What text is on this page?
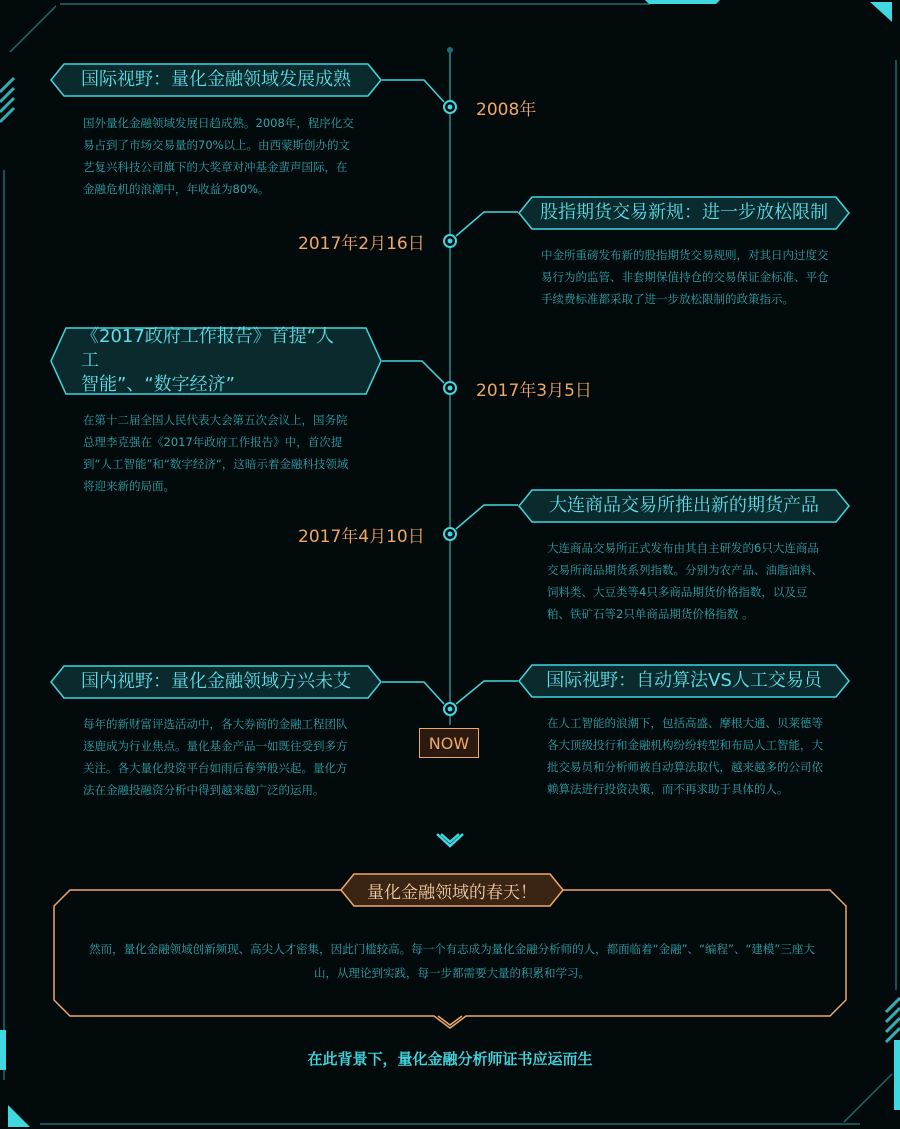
国际视野：量化金融领域发展成熟
2008年
国外量化金融领域发展日趋成熟。2008年，程序化交易占到了市场交易量的70%以上。由西蒙斯创办的文艺复兴科技公司旗下的大奖章对冲基金蜚声国际，在金融危机的浪潮中，年收益为80%。
股指期货交易新规：进一步放松限制
2017年2月16日
中金所重磅发布新的股指期货交易规则，对其日内过度交易行为的监管、非套期保值持仓的交易保证金标准、平仓手续费标准都采取了进一步放松限制的政策指示。
《2017政府工作报告》首提“人工
智能”、“数字经济”	2017年3月5日
在第十二届全国人民代表大会第五次会议上，国务院总理李克强在《2017年政府工作报告》中，首次提到“人工智能”和“数字经济“，这暗示着金融科技领域将迎来新的局面。
大连商品交易所推出新的期货产品
2017年4月10日
大连商品交易所正式发布由其自主研发的6只大连商品交易所商品期货系列指数。分别为农产品、油脂油料、饲料类、大豆类等4只多商品期货价格指数，以及豆粕、铁矿石等2只单商品期货价格指数 。
国内视野：量化金融领域方兴未艾
每年的新财富评选活动中，各大券商的金融工程团队逐鹿成为行业焦点。量化基金产品一如既往受到多方关注。各大量化投资平台如雨后春笋般兴起。量化方法在金融投融资分析中得到越来越广泛的运用。
国际视野：自动算法VS人工交易员
在人工智能的浪潮下，包括高盛、摩根大通、贝莱德等各大顶级投行和金融机构纷纷转型和布局人工智能，大批交易员和分析师被自动算法取代，越来越多的公司依赖算法进行投资决策，而不再求助于具体的人。
NOW
量化金融领域的春天！
然而，量化金融领域创新频现、高尖人才密集，因此门槛较高。每一个有志成为量化金融分析师的人，都面临着“金融”、“编程”、“建模”三座大山，从理论到实践，每一步都需要大量的积累和学习。
在此背景下，量化金融分析师证书应运而生
